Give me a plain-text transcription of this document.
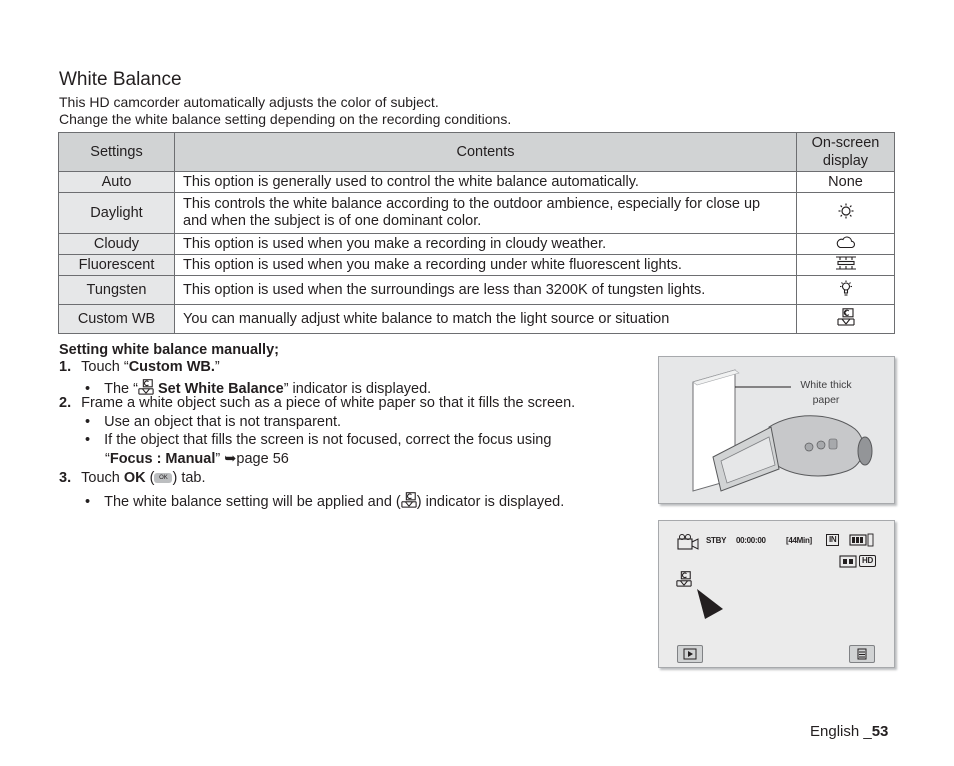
White Balance
This HD camcorder automatically adjusts the color of subject.
Change the white balance setting depending on the recording conditions.
Settings	Contents	On-screen display
Auto	This option is generally used to control the white balance automatically.	None
Daylight	This controls the white balance according to the outdoor ambience, especially for close up and when the subject is of one dominant color.	
Cloudy	This option is used when you make a recording in cloudy weather.	
Fluorescent	This option is used when you make a recording under white fluorescent lights.	
Tungsten	This option is used when the surroundings are less than 3200K of tungsten lights.	
Custom WB	You can manually adjust white balance to match the light source or situation	
Setting white balance manually;
1. Touch “Custom WB.”
• The “ Set White Balance” indicator is displayed.
2. Frame a white object such as a piece of white paper so that it fills the screen.
• Use an object that is not transparent.
• If the object that fills the screen is not focused, correct the focus using
“Focus : Manual” ➥page 56
3. Touch OK ( OK ) tab.
• The white balance setting will be applied and ( ) indicator is displayed.
White thick
paper
STBY 00:00:00	[44Min]	IN
HD
English _53
